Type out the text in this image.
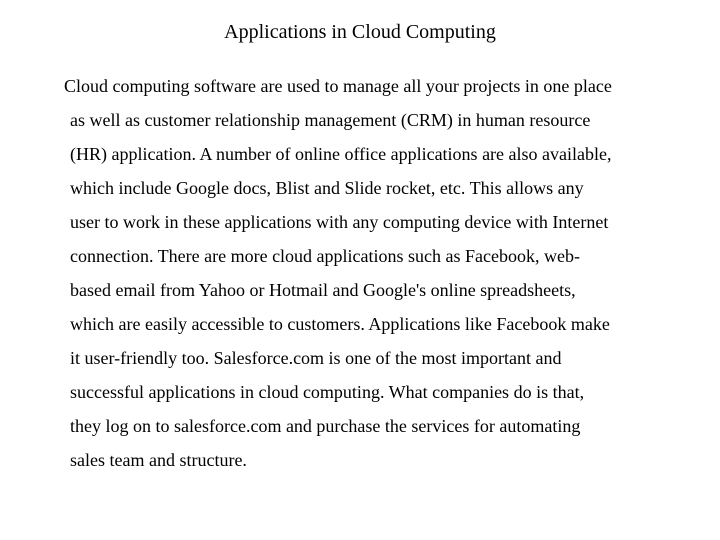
Applications in Cloud Computing
Cloud computing software are used to manage all your projects in one place
as well as customer relationship management (CRM) in human resource
(HR) application. A number of online office applications are also available,
which include Google docs, Blist and Slide rocket, etc. This allows any
user to work in these applications with any computing device with Internet
connection. There are more cloud applications such as Facebook, web-
based email from Yahoo or Hotmail and Google's online spreadsheets,
which are easily accessible to customers. Applications like Facebook make
it user-friendly too. Salesforce.com is one of the most important and
successful applications in cloud computing. What companies do is that,
they log on to salesforce.com and purchase the services for automating
sales team and structure.
